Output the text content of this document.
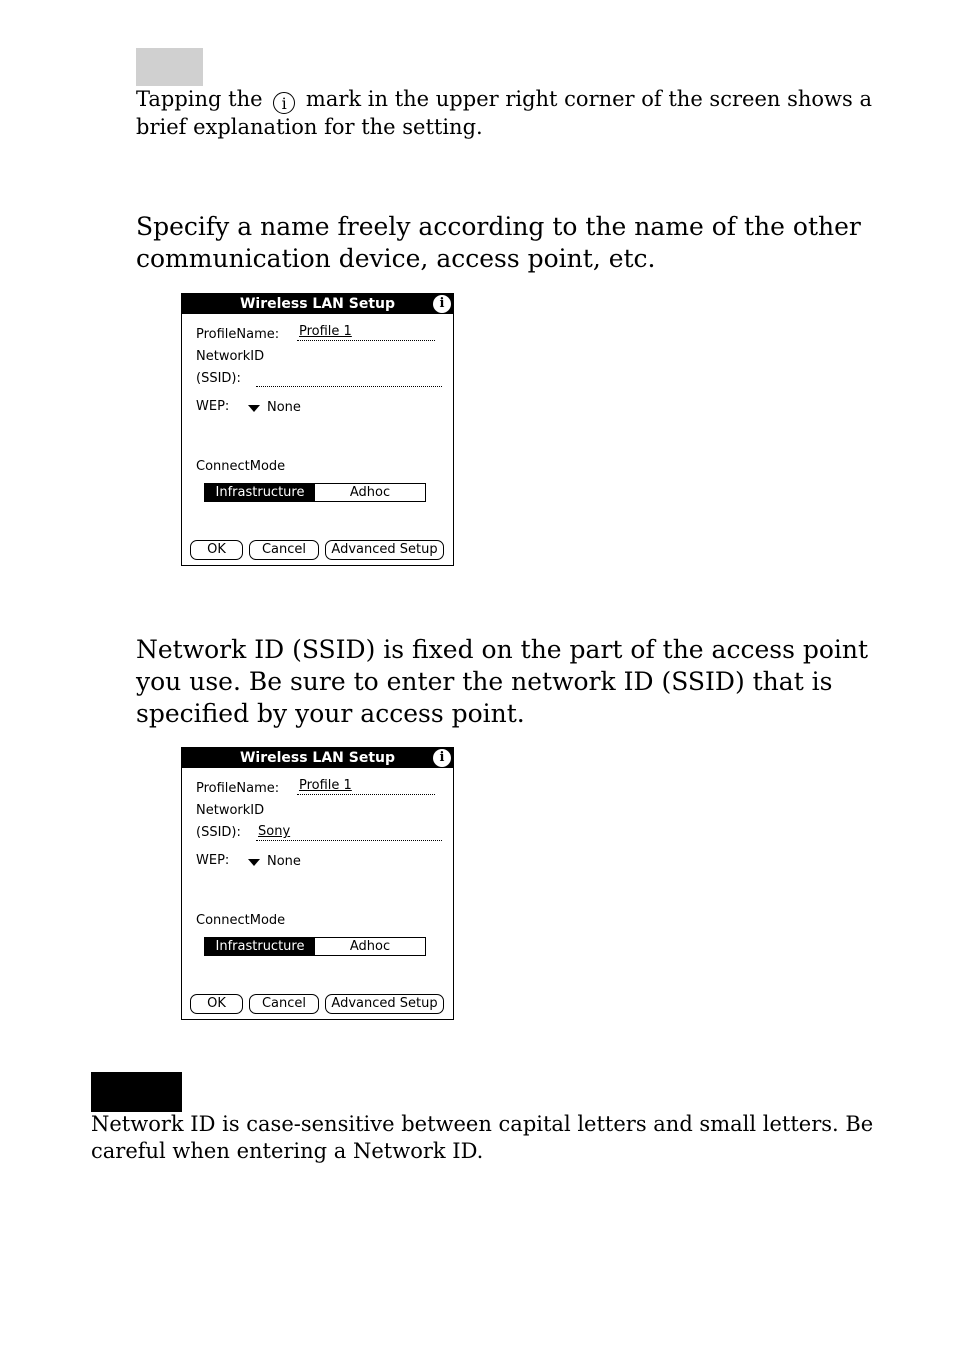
Tapping the i mark in the upper right corner of the screen shows a brief explanation for the setting.
Specify a name freely according to the name of the other communication device, access point, etc.
Wireless LAN Setup	i
ProfileName: Profile 1
NetworkID
(SSID):
WEP:	None
ConnectMode
Infrastructure	Adhoc
OK	Cancel	Advanced Setup
Network ID (SSID) is fixed on the part of the access point you use. Be sure to enter the network ID (SSID) that is specified by your access point.
Wireless LAN Setup	i
ProfileName: Profile 1
NetworkID
(SSID): Sony
WEP:	None
ConnectMode
Infrastructure	Adhoc
OK	Cancel	Advanced Setup
Network ID is case-sensitive between capital letters and small letters. Be careful when entering a Network ID.
